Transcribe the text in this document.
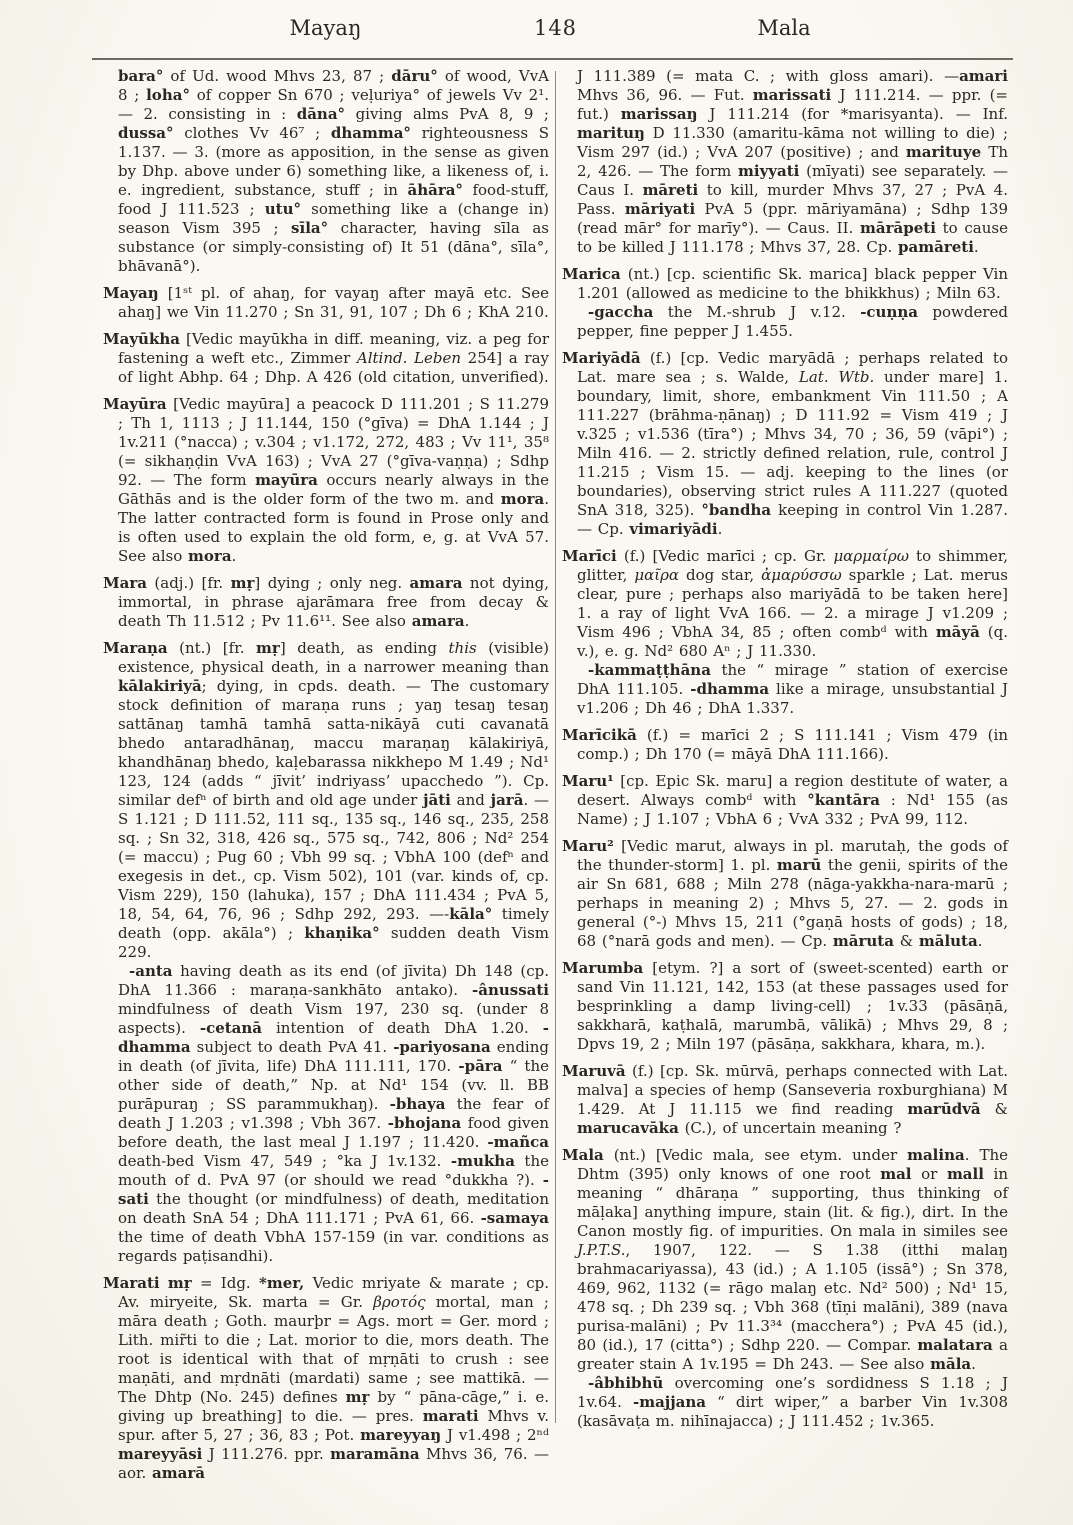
Mayaŋ	148	Mala

bara° of Ud. wood Mhvs 23, 87 ; dāru° of wood, VvA 8 ; loha° of copper Sn 670 ; veḷuriya° of jewels Vv 2¹. — 2. consisting in : dāna° giving alms PvA 8, 9 ; dussa° clothes Vv 46⁷ ; dhamma° righteousness S 1.137. — 3. (more as apposition, in the sense as given by Dhp. above under 6) something like, a likeness of, i. e. ingredient, substance, stuff ; in āhāra° food-stuff, food J 111.523 ; utu° something like a (change in) season Vism 395 ; sīla° character, having sīla as substance (or simply-consisting of) It 51 (dāna°, sīla°, bhāvanā°).

Mayaŋ [1ˢᵗ pl. of ahaŋ, for vayaŋ after mayā etc. See ahaŋ] we Vin 11.270 ; Sn 31, 91, 107 ; Dh 6 ; KhA 210.

Mayūkha [Vedic mayūkha in diff. meaning, viz. a peg for fastening a weft etc., Zimmer Altind. Leben 254] a ray of light Abhp. 64 ; Dhp. A 426 (old citation, unverified).

Mayūra [Vedic mayūra] a peacock D 111.201 ; S 11.279 ; Th 1, 1113 ; J 11.144, 150 (°gīva) = DhA 1.144 ; J 1v.211 (°nacca) ; v.304 ; v1.172, 272, 483 ; Vv 11¹, 35⁸ (= sikhaṇḍin VvA 163) ; VvA 27 (°gīva-vaṇṇa) ; Sdhp 92. — The form mayūra occurs nearly always in the Gāthās and is the older form of the two m. and mora. The latter contracted form is found in Prose only and is often used to explain the old form, e, g. at VvA 57. See also mora.

Mara (adj.) [fr. mṛ] dying ; only neg. amara not dying, immortal, in phrase ajarāmara free from decay & death Th 11.512 ; Pv 11.6¹¹. See also amara.

Maraṇa (nt.) [fr. mṛ] death, as ending this (visible) existence, physical death, in a narrower meaning than kālakiriyā; dying, in cpds. death. — The customary stock definition of maraṇa runs ; yaŋ tesaŋ tesaŋ sattānaŋ tamhā tamhā satta-nikāyā cuti cavanatā bhedo antaradhānaŋ, maccu maraṇaŋ kālakiriyā, khandhānaŋ bhedo, kaḷebarassa nikkhepo M 1.49 ; Nd¹ 123, 124 (adds “ jīvit’ indriyass’ upacchedo ”). Cp. similar defⁿ of birth and old age under jāti and jarā. — S 1.121 ; D 111.52, 111 sq., 135 sq., 146 sq., 235, 258 sq. ; Sn 32, 318, 426 sq., 575 sq., 742, 806 ; Nd² 254 (= maccu) ; Pug 60 ; Vbh 99 sq. ; VbhA 100 (defⁿ and exegesis in det., cp. Vism 502), 101 (var. kinds of, cp. Vism 229), 150 (lahuka), 157 ; DhA 111.434 ; PvA 5, 18, 54, 64, 76, 96 ; Sdhp 292, 293. —-kāla° timely death (opp. akāla°) ; khaṇika° sudden death Vism 229.

-anta having death as its end (of jīvita) Dh 148 (cp. DhA 11.366 : maraṇa-sankhāto antako). -ânussati mindfulness of death Vism 197, 230 sq. (under 8 aspects). -cetanā intention of death DhA 1.20. -dhamma subject to death PvA 41. -pariyosana ending in death (of jīvita, life) DhA 111.111, 170. -pāra “ the other side of death,” Np. at Nd¹ 154 (vv. ll. BB purāpuraŋ ; SS parammukhaŋ). -bhaya the fear of death J 1.203 ; v1.398 ; Vbh 367. -bhojana food given before death, the last meal J 1.197 ; 11.420. -mañca death-bed Vism 47, 549 ; °ka J 1v.132. -mukha the mouth of d. PvA 97 (or should we read °dukkha ?). -sati the thought (or mindfulness) of death, meditation on death SnA 54 ; DhA 111.171 ; PvA 61, 66. -samaya the time of death VbhA 157-159 (in var. conditions as regards paṭisandhi).

Marati mṛ = Idg. *mer, Vedic mriyate & marate ; cp. Av. miryeite, Sk. marta = Gr. βροτός mortal, man ; māra death ; Goth. maurþr = Ags. mort = Ger. mord ; Lith. mir̃ti to die ; Lat. morior to die, mors death. The root is identical with that of mṛṇāti to crush : see maṇāti, and mṛdnāti (mardati) same ; see mattikā. — The Dhtp (No. 245) defines mṛ by “ pāna-cāge,” i. e. giving up breathing] to die. — pres. marati Mhvs v. spur. after 5, 27 ; 36, 83 ; Pot. mareyyaŋ J v1.498 ; 2ⁿᵈ mareyyāsi J 111.276. ppr. maramāna Mhvs 36, 76. — aor. amarā

J 111.389 (= mata C. ; with gloss amari). —amari Mhvs 36, 96. — Fut. marissati J 111.214. — ppr. (= fut.) marissaŋ J 111.214 (for *marisyanta). — Inf. marituŋ D 11.330 (amaritu-kāma not willing to die) ; Vism 297 (id.) ; VvA 207 (positive) ; and marituye Th 2, 426. — The form miyyati (mīyati) see separately. — Caus I. māreti to kill, murder Mhvs 37, 27 ; PvA 4. Pass. māriyati PvA 5 (ppr. māriyamāna) ; Sdhp 139 (read mār° for marīy°). — Caus. II. mārāpeti to cause to be killed J 111.178 ; Mhvs 37, 28. Cp. pamāreti.

Marica (nt.) [cp. scientific Sk. marica] black pepper Vin 1.201 (allowed as medicine to the bhikkhus) ; Miln 63.

-gaccha the M.-shrub J v.12. -cuṇṇa powdered pepper, fine pepper J 1.455.

Mariyādā (f.) [cp. Vedic maryādā ; perhaps related to Lat. mare sea ; s. Walde, Lat. Wtb. under mare] 1. boundary, limit, shore, embankment Vin 111.50 ; A 111.227 (brāhma-ṇānaŋ) ; D 111.92 = Vism 419 ; J v.325 ; v1.536 (tīra°) ; Mhvs 34, 70 ; 36, 59 (vāpi°) ; Miln 416. — 2. strictly defined relation, rule, control J 11.215 ; Vism 15. — adj. keeping to the lines (or boundaries), observing strict rules A 111.227 (quoted SnA 318, 325). °bandha keeping in control Vin 1.287. — Cp. vimariyādi.

Marīci (f.) [Vedic marīci ; cp. Gr. μαρμαίρω to shimmer, glitter, μαῖρα dog star, ἀμαρύσσω sparkle ; Lat. merus clear, pure ; perhaps also mariyādā to be taken here] 1. a ray of light VvA 166. — 2. a mirage J v1.209 ; Vism 496 ; VbhA 34, 85 ; often combᵈ with māyā (q. v.), e. g. Nd² 680 Aⁿ ; J 11.330.

-kammaṭṭhāna the “ mirage ” station of exercise DhA 111.105. -dhamma like a mirage, unsubstantial J v1.206 ; Dh 46 ; DhA 1.337.

Marīcikā (f.) = marīci 2 ; S 111.141 ; Vism 479 (in comp.) ; Dh 170 (= māyā DhA 111.166).

Maru¹ [cp. Epic Sk. maru] a region destitute of water, a desert. Always combᵈ with °kantāra : Nd¹ 155 (as Name) ; J 1.107 ; VbhA 6 ; VvA 332 ; PvA 99, 112.

Maru² [Vedic marut, always in pl. marutaḥ, the gods of the thunder-storm] 1. pl. marū the genii, spirits of the air Sn 681, 688 ; Miln 278 (nāga-yakkha-nara-marū ; perhaps in meaning 2) ; Mhvs 5, 27. — 2. gods in general (°-) Mhvs 15, 211 (°gaṇā hosts of gods) ; 18, 68 (°narā gods and men). — Cp. māruta & māluta.

Marumba [etym. ?] a sort of (sweet-scented) earth or sand Vin 11.121, 142, 153 (at these passages used for besprinkling a damp living-cell) ; 1v.33 (pāsāṇā, sakkharā, kaṭhalā, marumbā, vālikā) ; Mhvs 29, 8 ; Dpvs 19, 2 ; Miln 197 (pāsāṇa, sakkhara, khara, m.).

Maruvā (f.) [cp. Sk. mūrvā, perhaps connected with Lat. malva] a species of hemp (Sanseveria roxburghiana) M 1.429. At J 11.115 we find reading marūdvā & marucavāka (C.), of uncertain meaning ?

Mala (nt.) [Vedic mala, see etym. under malina. The Dhtm (395) only knows of one root mal or mall in meaning “ dhāraṇa ” supporting, thus thinking of māḷaka] anything impure, stain (lit. & fig.), dirt. In the Canon mostly fig. of impurities. On mala in similes see J.P.T.S., 1907, 122. — S 1.38 (itthi malaŋ brahmacariyassa), 43 (id.) ; A 1.105 (issā°) ; Sn 378, 469, 962, 1132 (= rāgo malaŋ etc. Nd² 500) ; Nd¹ 15, 478 sq. ; Dh 239 sq. ; Vbh 368 (tīṇi malāni), 389 (nava purisa-malāni) ; Pv 11.3³⁴ (macchera°) ; PvA 45 (id.), 80 (id.), 17 (citta°) ; Sdhp 220. — Compar. malatara a greater stain A 1v.195 = Dh 243. — See also māla.

-âbhibhū overcoming one’s sordidness S 1.18 ; J 1v.64. -majjana “ dirt wiper,” a barber Vin 1v.308 (kasāvaṭa m. nihīnajacca) ; J 111.452 ; 1v.365.
